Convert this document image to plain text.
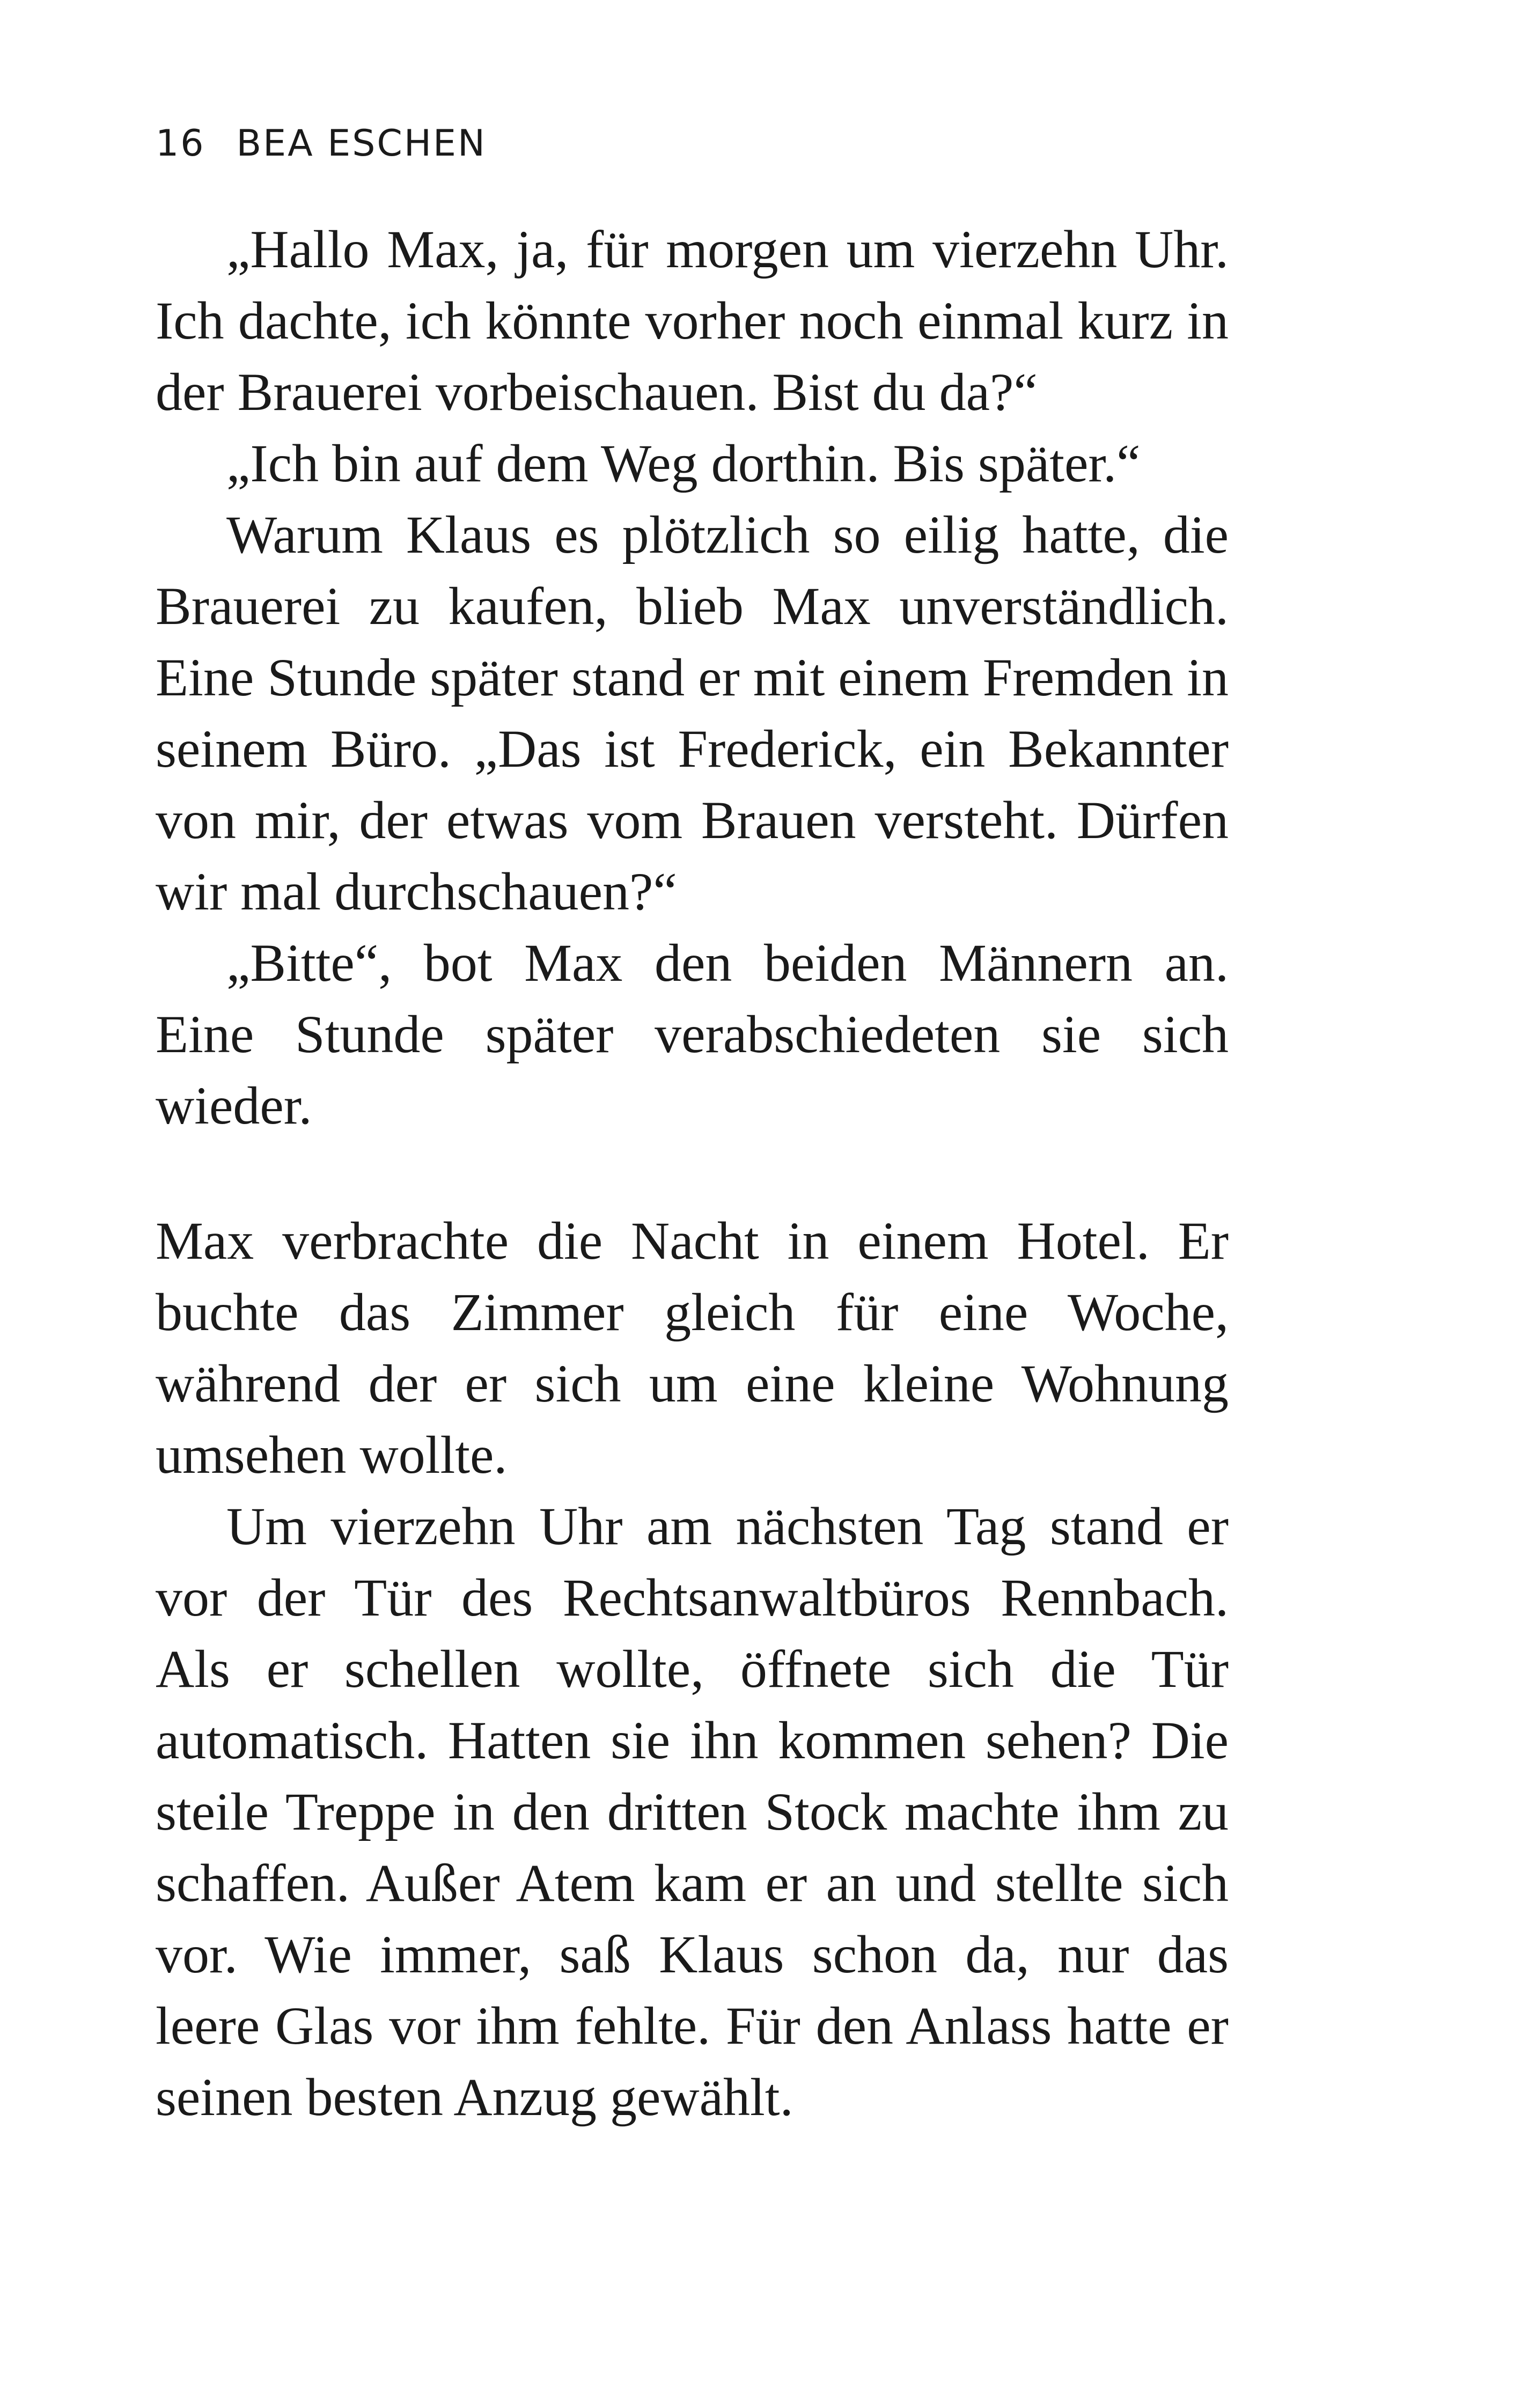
16 BEA ESCHEN

„Hallo Max, ja, für morgen um vierzehn Uhr. Ich dachte, ich könnte vorher noch einmal kurz in der Brauerei vorbeischauen. Bist du da?“

„Ich bin auf dem Weg dorthin. Bis später.“

Warum Klaus es plötzlich so eilig hatte, die Brauerei zu kaufen, blieb Max unverständlich. Eine Stunde später stand er mit einem Fremden in seinem Büro. „Das ist Frederick, ein Bekannter von mir, der etwas vom Brauen versteht. Dürfen wir mal durchschauen?“

„Bitte“, bot Max den beiden Männern an. Eine Stunde später verabschiedeten sie sich wieder.

Max verbrachte die Nacht in einem Hotel. Er buchte das Zimmer gleich für eine Woche, während der er sich um eine kleine Wohnung umsehen wollte.

Um vierzehn Uhr am nächsten Tag stand er vor der Tür des Rechtsanwaltbüros Rennbach. Als er schellen wollte, öffnete sich die Tür automatisch. Hatten sie ihn kommen sehen? Die steile Treppe in den dritten Stock machte ihm zu schaffen. Außer Atem kam er an und stellte sich vor. Wie immer, saß Klaus schon da, nur das leere Glas vor ihm fehlte. Für den Anlass hatte er seinen besten Anzug gewählt.
